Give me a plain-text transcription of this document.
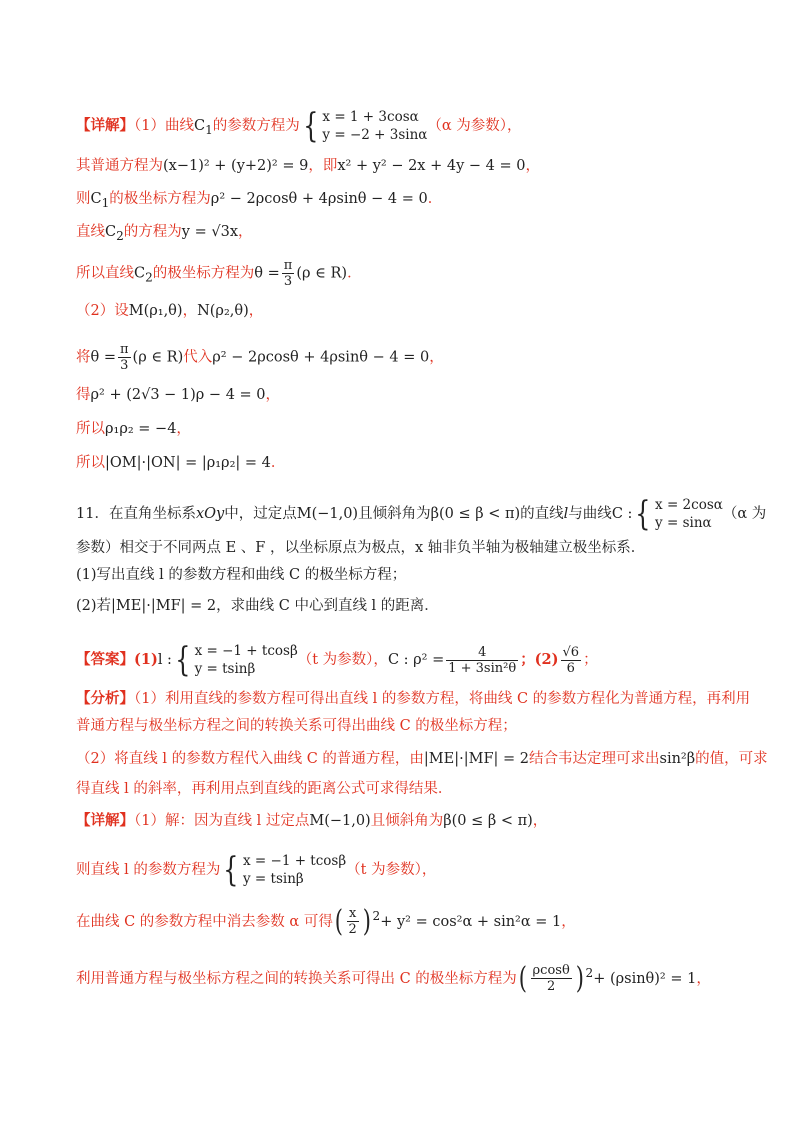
【详解】（1）曲线$C_1$的参数方程为{ x = 1 + 3cosα
y = −2 + 3sinα
（α 为参数），
其普通方程为(x−1)² + (y+2)² = 9，即x² + y² − 2x + 4y − 4 = 0，
则$C_1$的极坐标方程为ρ² − 2ρcosθ + 4ρsinθ − 4 = 0．
直线$C_2$的方程为y = √3x，
所以直线$C_2$的极坐标方程为$\theta = \frac{\pi}{3} (\rho$ ∈ R)．
（2）设M(ρ₁,θ)，N(ρ₂,θ)，
将$\theta = \frac{\pi}{3} (\rho$ ∈ R)代入ρ² − 2ρcosθ + 4ρsinθ − 4 = 0，
得ρ² + (2√3 − 1)ρ − 4 = 0，
所以ρ₁ρ₂ = −4，
所以|OM|·|ON| = |ρ₁ρ₂| = 4．
11．在直角坐标系xOy中，过定点M(−1,0)且倾斜角为β(0 ≤ β < π)的直线l与曲线C :{ x = 2cosα
y = sinα
（α 为
参数）相交于不同两点 E 、F ，以坐标原点为极点，x 轴非负半轴为极轴建立极坐标系．
(1)写出直线 l 的参数方程和曲线 C 的极坐标方程；
(2)若|ME|·|MF| = 2，求曲线 C 中心到直线 l 的距离．
【答案】(1)l :{ x = −1 + tcosβ
y = tsinβ
（t 为参数），C : $\rho^2 = \frac{4}{\text{1 + 3sin²θ}}$ ；$(2) \frac{√6}{6}$ ；
【分析】（1）利用直线的参数方程可得出直线 l 的参数方程，将曲线 C 的参数方程化为普通方程，再利用
普通方程与极坐标方程之间的转换关系可得出曲线 C 的极坐标方程；
（2）将直线 l 的参数方程代入曲线 C 的普通方程，由|ME|·|MF| = 2结合韦达定理可求出sin²β的值，可求
得直线 l 的斜率，再利用点到直线的距离公式可求得结果．
【详解】（1）解：因为直线 l 过定点M(−1,0)且倾斜角为β(0 ≤ β < π)，
则直线 l 的参数方程为{ x = −1 + tcosβ
y = tsinβ
（t 为参数），
在曲线 C 的参数方程中消去参数 α 可得( $\frac{x}{2}$ ) $^2$+ y² = cos²α + sin²α = 1，
利用普通方程与极坐标方程之间的转换关系可得出 C 的极坐标方程为( $\frac{\rho\cos\theta}{2}$ ) $^2$+ (ρsinθ)² = 1，
